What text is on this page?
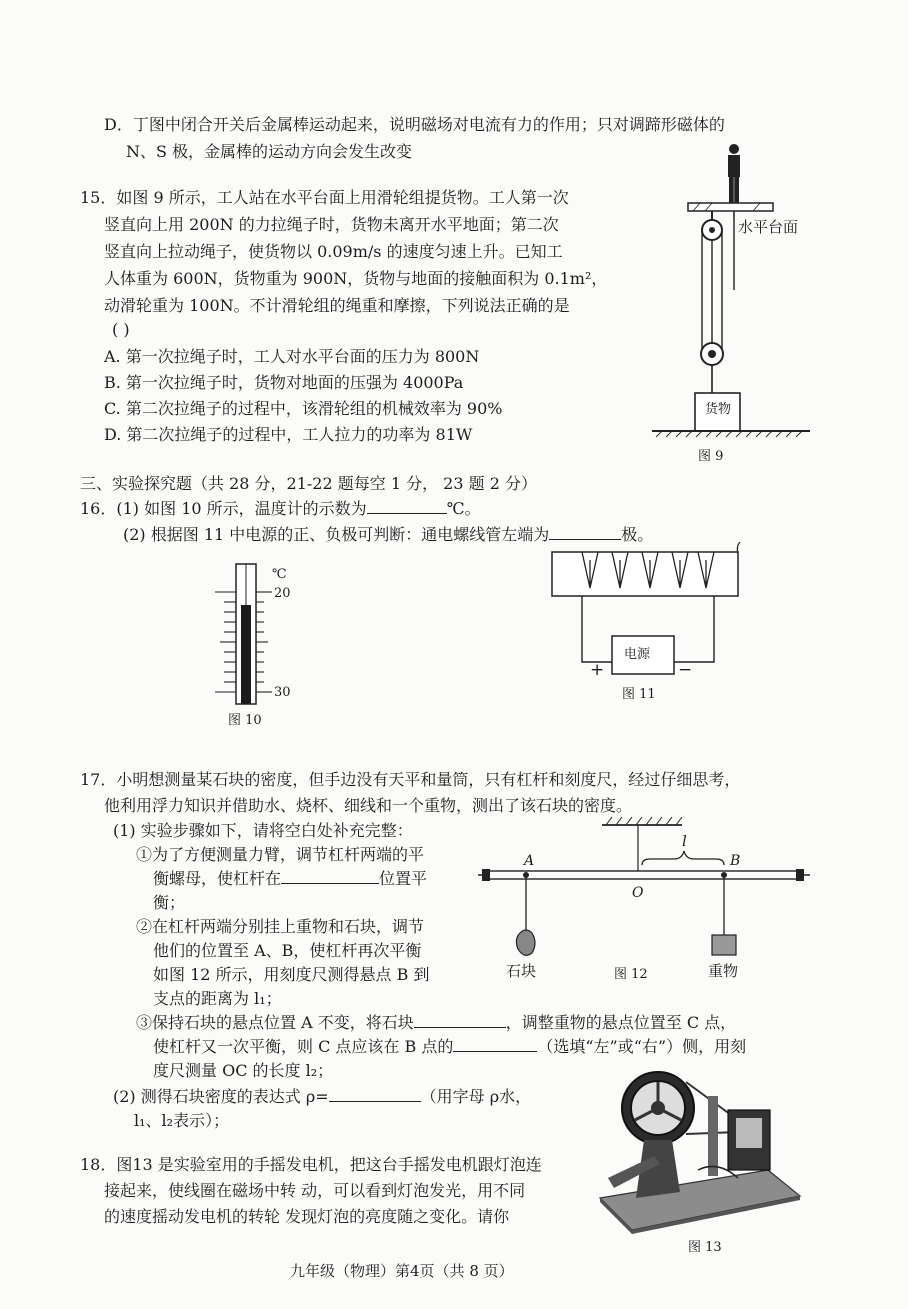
D．丁图中闭合开关后金属棒运动起来，说明磁场对电流有力的作用；只对调蹄形磁体的
N、S 极，金属棒的运动方向会发生改变
15．如图 9 所示，工人站在水平台面上用滑轮组提货物。工人第一次
竖直向上用 200N 的力拉绳子时，货物未离开水平地面；第二次
竖直向上拉动绳子，使货物以 0.09m/s 的速度匀速上升。已知工
人体重为 600N，货物重为 900N，货物与地面的接触面积为 0.1m²，
动滑轮重为 100N。不计滑轮组的绳重和摩擦，下列说法正确的是
( )
A. 第一次拉绳子时，工人对水平台面的压力为 800N
B. 第一次拉绳子时，货物对地面的压强为 4000Pa
C. 第二次拉绳子的过程中，该滑轮组的机械效率为 90%
D. 第二次拉绳子的过程中，工人拉力的功率为 81W
水平台面
货物
图 9
三、实验探究题（共 28 分，21-22 题每空 1 分， 23 题 2 分）
16．(1) 如图 10 所示，温度计的示数为	℃。
(2) 根据图 11 中电源的正、负极可判断：通电螺线管左端为	极。
℃
20
30
图 10
电源
+	−
图 11
17．小明想测量某石块的密度，但手边没有天平和量筒，只有杠杆和刻度尺，经过仔细思考，
他利用浮力知识并借助水、烧杯、细线和一个重物，测出了该石块的密度。
(1) 实验步骤如下，请将空白处补充完整：
①为了方便测量力臂，调节杠杆两端的平
衡螺母，使杠杆在	位置平
衡；
②在杠杆两端分别挂上重物和石块，调节
他们的位置至 A、B，使杠杆再次平衡
如图 12 所示，用刻度尺测得悬点 B 到
支点的距离为 l₁；
③保持石块的悬点位置 A 不变，将石块	，调整重物的悬点位置至 C 点，
使杠杆又一次平衡，则 C 点应该在 B 点的	（选填“左”或“右”）侧，用刻
度尺测量 OC 的长度 l₂；
(2) 测得石块密度的表达式 ρ=	（用字母 ρ水，
l₁、l₂表示）；
A	B
O
l
石块	重物
图 12
18．图13 是实验室用的手摇发电机，把这台手摇发电机跟灯泡连
接起来，使线圈在磁场中转 动，可以看到灯泡发光，用不同
的速度摇动发电机的转轮 发现灯泡的亮度随之变化。请你
图 13
九年级（物理）第4页（共 8 页）
